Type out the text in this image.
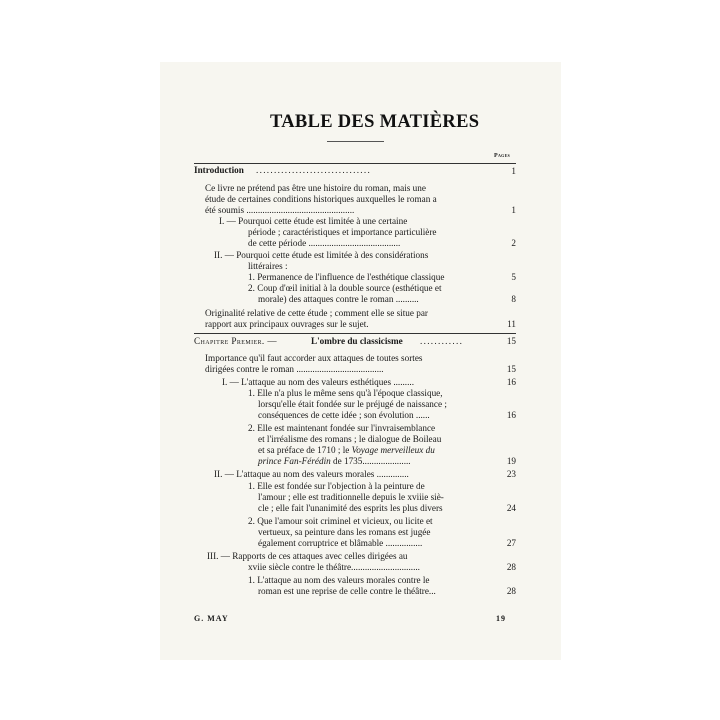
TABLE DES MATIÈRES
Pages
Introduction ................................	1
Ce livre ne prétend pas être une histoire du roman, mais une
étude de certaines conditions historiques auxquelles le roman a
été soumis ...............................................	1
I. — Pourquoi cette étude est limitée à une certaine
période ; caractéristiques et importance particulière
de cette période ........................................	2
II. — Pourquoi cette étude est limitée à des considérations
littéraires :
1. Permanence de l'influence de l'esthétique classique	5
2. Coup d'œil initial à la double source (esthétique et
morale) des attaques contre le roman ..........	8
Originalité relative de cette étude ; comment elle se situe par
rapport aux principaux ouvrages sur le sujet.	11
Chapitre Premier. —	L'ombre du classicisme ............	15
Importance qu'il faut accorder aux attaques de toutes sortes
dirigées contre le roman ......................................	15
I. — L'attaque au nom des valeurs esthétiques .........	16
1. Elle n'a plus le même sens qu'à l'époque classique,
lorsqu'elle était fondée sur le préjugé de naissance ;
conséquences de cette idée ; son évolution ......	16
2. Elle est maintenant fondée sur l'invraisemblance
et l'irréalisme des romans ; le dialogue de Boileau
et sa préface de 1710 ; le Voyage merveilleux du
prince Fan-Férédin de 1735.....................	19
II. — L'attaque au nom des valeurs morales ..............	23
1. Elle est fondée sur l'objection à la peinture de
l'amour ; elle est traditionnelle depuis le xviiie siè-
cle ; elle fait l'unanimité des esprits les plus divers	24
2. Que l'amour soit criminel et vicieux, ou licite et
vertueux, sa peinture dans les romans est jugée
également corruptrice et blâmable ................	27
III. — Rapports de ces attaques avec celles dirigées au
xviie siècle contre le théâtre..............................	28
1. L'attaque au nom des valeurs morales contre le
roman est une reprise de celle contre le théâtre...	28
G. MAY	19
